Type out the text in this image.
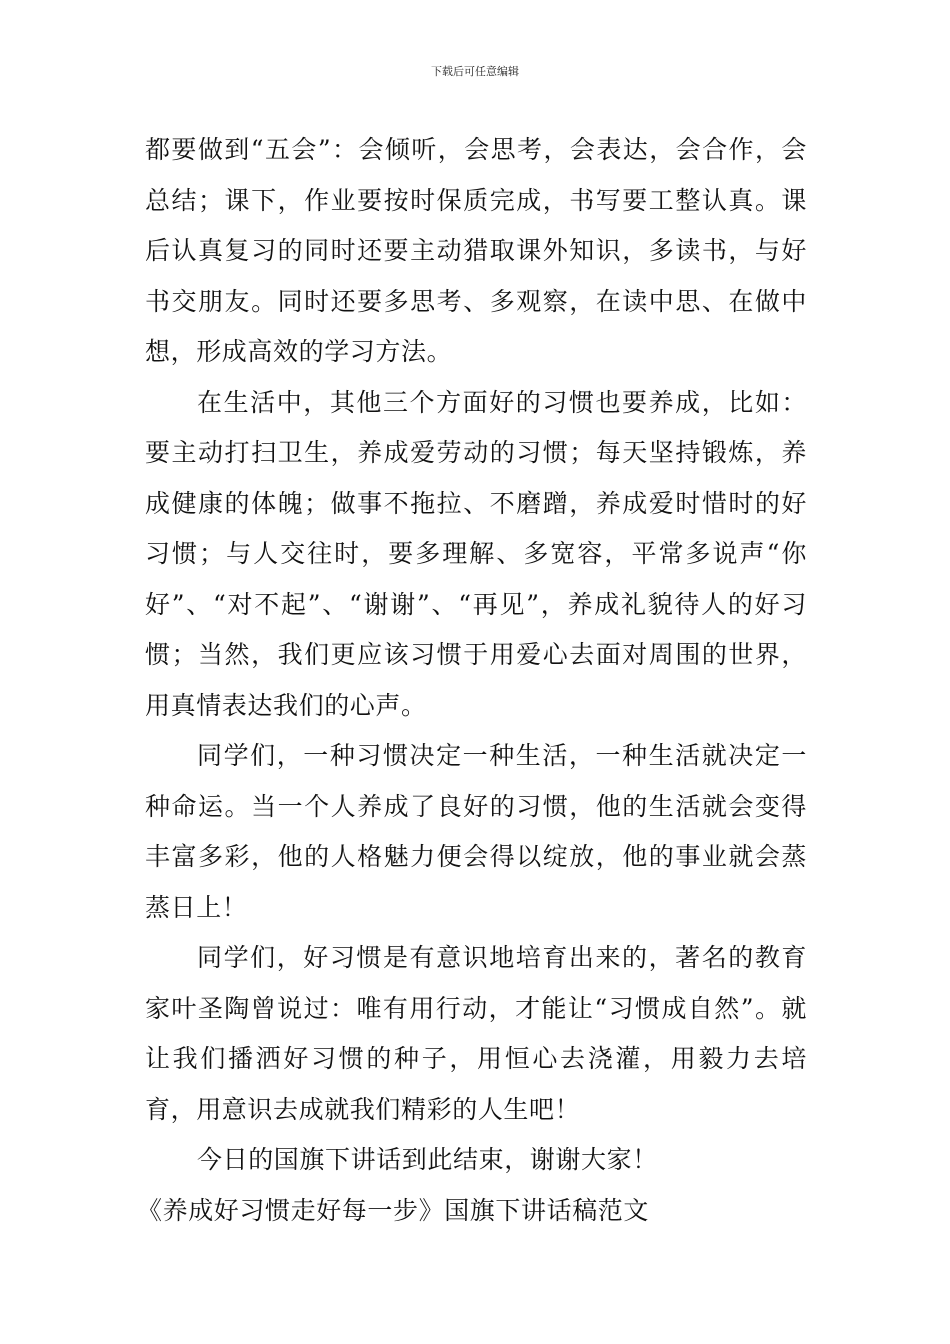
下载后可任意编辑

都要做到“五会”：会倾听，会思考，会表达，会合作，会总结；课下，作业要按时保质完成，书写要工整认真。课后认真复习的同时还要主动猎取课外知识，多读书，与好书交朋友。同时还要多思考、多观察，在读中思、在做中想，形成高效的学习方法。

在生活中，其他三个方面好的习惯也要养成，比如：要主动打扫卫生，养成爱劳动的习惯；每天坚持锻炼，养成健康的体魄；做事不拖拉、不磨蹭，养成爱时惜时的好习惯；与人交往时，要多理解、多宽容，平常多说声“你好”、“对不起”、“谢谢”、“再见”，养成礼貌待人的好习惯；当然，我们更应该习惯于用爱心去面对周围的世界，用真情表达我们的心声。

同学们，一种习惯决定一种生活，一种生活就决定一种命运。当一个人养成了良好的习惯，他的生活就会变得丰富多彩，他的人格魅力便会得以绽放，他的事业就会蒸蒸日上！

同学们，好习惯是有意识地培育出来的，著名的教育家叶圣陶曾说过：唯有用行动，才能让“习惯成自然”。就让我们播洒好习惯的种子，用恒心去浇灌，用毅力去培育，用意识去成就我们精彩的人生吧！

今日的国旗下讲话到此结束，谢谢大家！

《养成好习惯走好每一步》国旗下讲话稿范文
